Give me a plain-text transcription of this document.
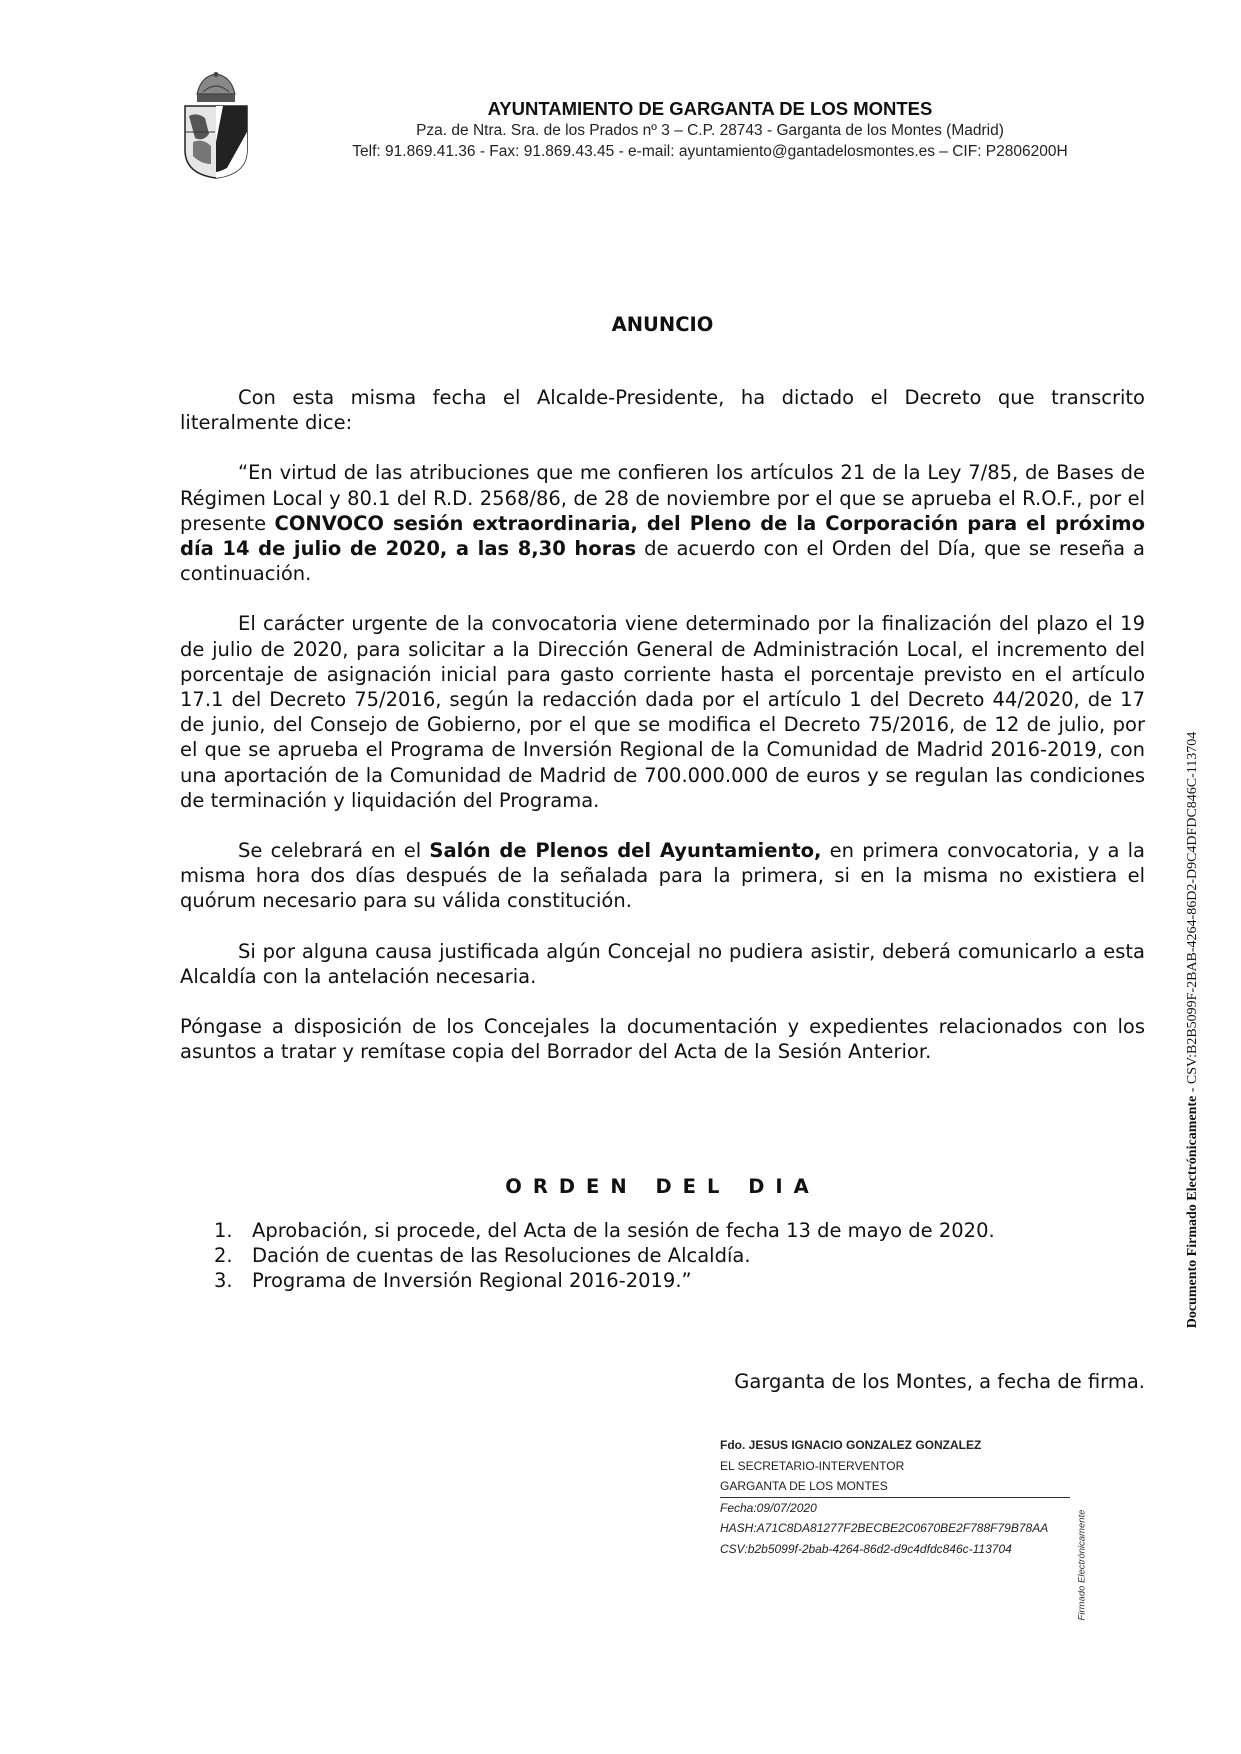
AYUNTAMIENTO DE GARGANTA DE LOS MONTES
Pza. de Ntra. Sra. de los Prados nº 3 – C.P. 28743 - Garganta de los Montes (Madrid)
Telf: 91.869.41.36 - Fax: 91.869.43.45 - e-mail: ayuntamiento@gantadelosmontes.es – CIF: P2806200H
ANUNCIO

Con esta misma fecha el Alcalde-Presidente, ha dictado el Decreto que transcrito literalmente dice:

“En virtud de las atribuciones que me confieren los artículos 21 de la Ley 7/85, de Bases de Régimen Local y 80.1 del R.D. 2568/86, de 28 de noviembre por el que se aprueba el R.O.F., por el presente CONVOCO sesión extraordinaria, del Pleno de la Corporación para el próximo día 14 de julio de 2020, a las 8,30 horas de acuerdo con el Orden del Día, que se reseña a continuación.

El carácter urgente de la convocatoria viene determinado por la finalización del plazo el 19 de julio de 2020, para solicitar a la Dirección General de Administración Local, el incremento del porcentaje de asignación inicial para gasto corriente hasta el porcentaje previsto en el artículo 17.1 del Decreto 75/2016, según la redacción dada por el artículo 1 del Decreto 44/2020, de 17 de junio, del Consejo de Gobierno, por el que se modifica el Decreto 75/2016, de 12 de julio, por el que se aprueba el Programa de Inversión Regional de la Comunidad de Madrid 2016-2019, con una aportación de la Comunidad de Madrid de 700.000.000 de euros y se regulan las condiciones de terminación y liquidación del Programa.

Se celebrará en el Salón de Plenos del Ayuntamiento, en primera convocatoria, y a la misma hora dos días después de la señalada para la primera, si en la misma no existiera el quórum necesario para su válida constitución.

Si por alguna causa justificada algún Concejal no pudiera asistir, deberá comunicarlo a esta Alcaldía con la antelación necesaria.

Póngase a disposición de los Concejales la documentación y expedientes relacionados con los asuntos a tratar y remítase copia del Borrador del Acta de la Sesión Anterior.

ORDEN DEL DIA
1. Aprobación, si procede, del Acta de la sesión de fecha 13 de mayo de 2020.
2. Dación de cuentas de las Resoluciones de Alcaldía.
3. Programa de Inversión Regional 2016-2019.”
Garganta de los Montes, a fecha de firma.
Fdo. JESUS IGNACIO GONZALEZ GONZALEZ
EL SECRETARIO-INTERVENTOR
GARGANTA DE LOS MONTES
Fecha:09/07/2020
HASH:A71C8DA81277F2BECBE2C0670BE2F788F79B78AA
CSV:b2b5099f-2bab-4264-86d2-d9c4dfdc846c-113704	Firmado Electrónicamente
Documento Firmado Electrónicamente - CSV:B2B5099F-2BAB-4264-86D2-D9C4DFDC846C-113704
